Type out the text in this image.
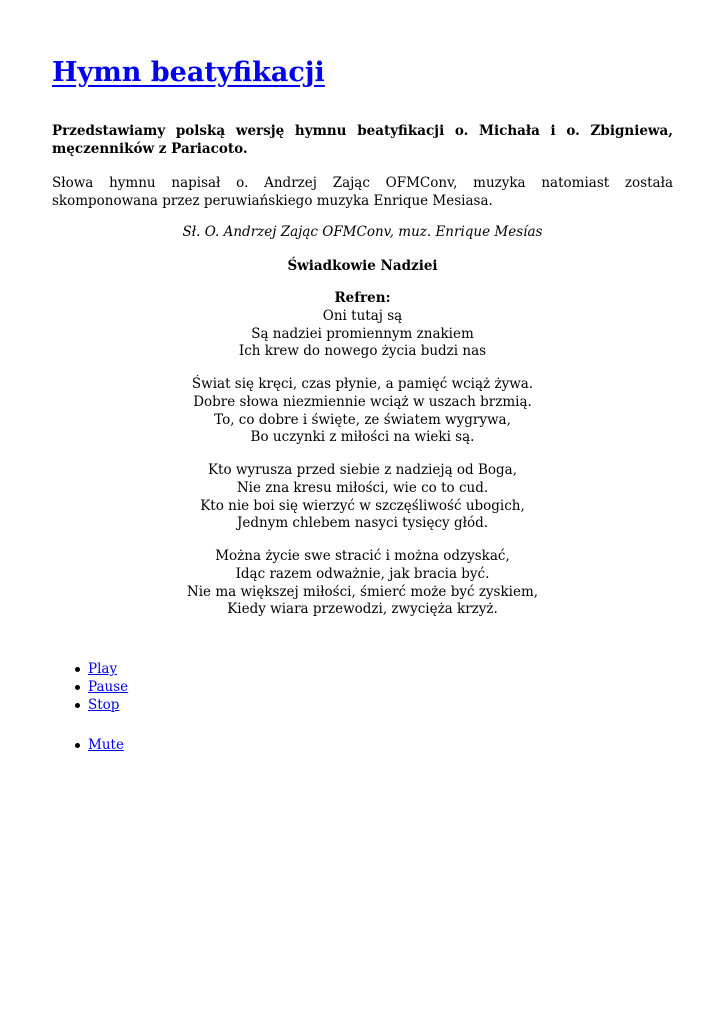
Hymn beatyfikacji

Przedstawiamy polską wersję hymnu beatyfikacji o. Michała i o. Zbigniewa, męczenników z Pariacoto.

Słowa hymnu napisał o. Andrzej Zając OFMConv, muzyka natomiast została skomponowana przez peruwiańskiego muzyka Enrique Mesiasa.

Sł. O. Andrzej Zając OFMConv, muz. Enrique Mesías

Świadkowie Nadziei

Refren:
Oni tutaj są
Są nadziei promiennym znakiem
Ich krew do nowego życia budzi nas

Świat się kręci, czas płynie, a pamięć wciąż żywa.
Dobre słowa niezmiennie wciąż w uszach brzmią.
To, co dobre i święte, ze światem wygrywa,
Bo uczynki z miłości na wieki są.

Kto wyrusza przed siebie z nadzieją od Boga,
Nie zna kresu miłości, wie co to cud.
Kto nie boi się wierzyć w szczęśliwość ubogich,
Jednym chlebem nasyci tysięcy głód.

Można życie swe stracić i można odzyskać,
Idąc razem odważnie, jak bracia być.
Nie ma większej miłości, śmierć może być zyskiem,
Kiedy wiara przewodzi, zwycięża krzyż.

Play
Pause
Stop
Mute
